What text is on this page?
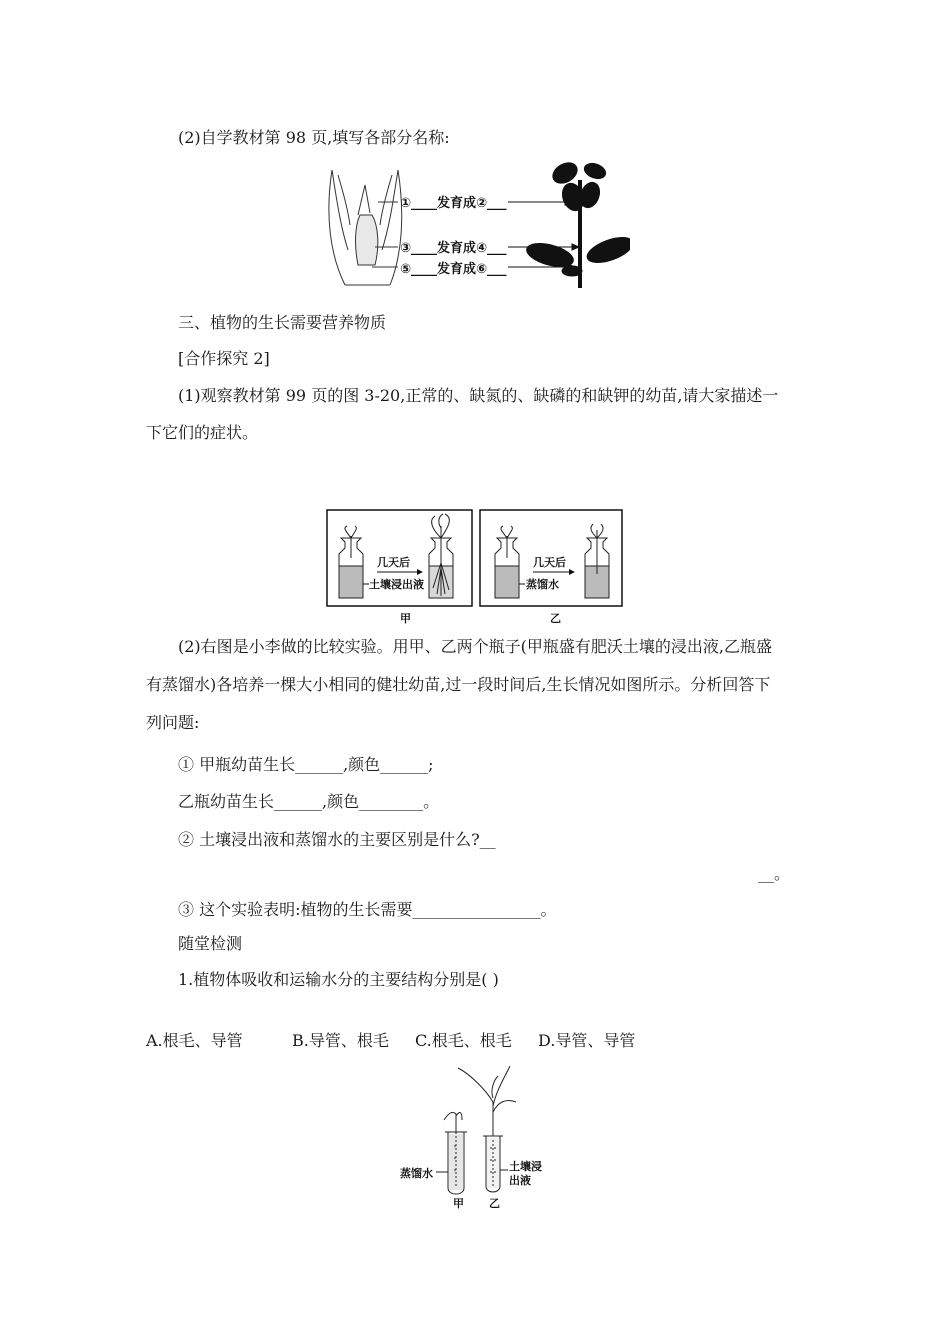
(2)自学教材第 98 页,填写各部分名称:
①____发育成②___
③____发育成④___
⑤____发育成⑥___
三、植物的生长需要营养物质
[合作探究 2]
(1)观察教材第 99 页的图 3-20,正常的、缺氮的、缺磷的和缺钾的幼苗,请大家描述一
下它们的症状。
几天后
土壤浸出液
甲
几天后
蒸馏水
乙
(2)右图是小李做的比较实验。用甲、乙两个瓶子(甲瓶盛有肥沃土壤的浸出液,乙瓶盛
有蒸馏水)各培养一棵大小相同的健壮幼苗,过一段时间后,生长情况如图所示。分析回答下
列问题:
① 甲瓶幼苗生长______,颜色______;
乙瓶幼苗生长______,颜色________。
② 土壤浸出液和蒸馏水的主要区别是什么?__
__。
③ 这个实验表明:植物的生长需要________________。
随堂检测
1.植物体吸收和运输水分的主要结构分别是( )
A.根毛、导管	B.导管、根毛 C.根毛、根毛 D.导管、导管
蒸馏水
土壤浸
出液
甲 乙
